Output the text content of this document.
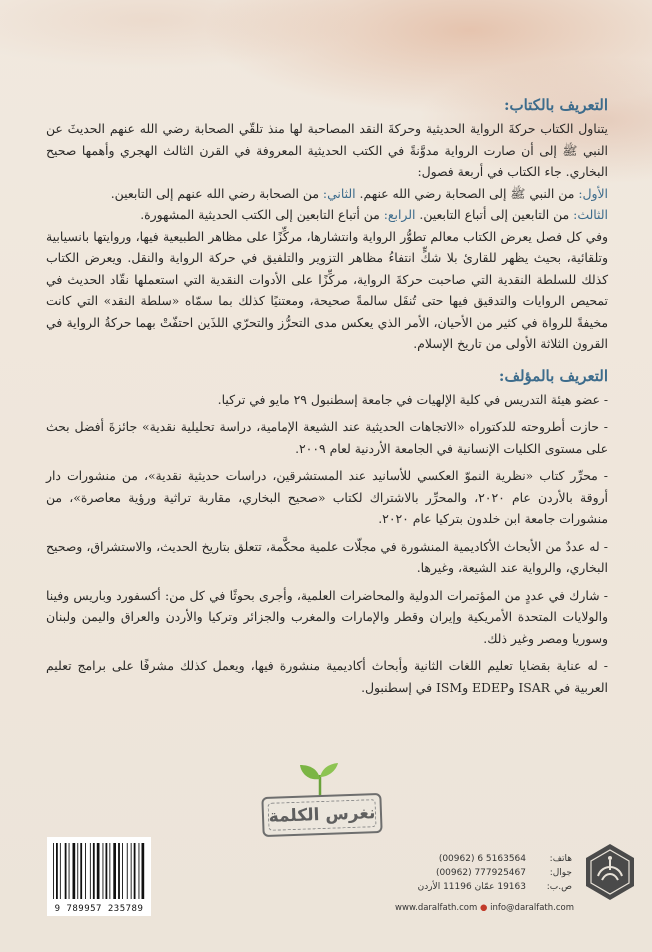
التعريف بالكتاب:

يتناول الكتاب حركةَ الرواية الحديثية وحركةَ النقد المصاحبة لها منذ تلقّي الصحابة رضي الله عنهم الحديثَ عن النبي ﷺ إلى أن صارت الرواية مدوَّنةً في الكتب الحديثية المعروفة في القرن الثالث الهجري وأهمها صحيح البخاري. جاء الكتاب في أربعة فصول:

الأول: من النبي ﷺ إلى الصحابة رضي الله عنهم. الثاني: من الصحابة رضي الله عنهم إلى التابعين.

الثالث: من التابعين إلى أتباع التابعين. الرابع: من أتباع التابعين إلى الكتب الحديثية المشهورة.

وفي كل فصل يعرض الكتاب معالم تطوُّر الرواية وانتشارها، مركِّزًا على مظاهر الطبيعية فيها، وروايتها بانسيابية وتلقائية، بحيث يظهر للقارئ بلا شكٍّ انتفاءُ مظاهر التزوير والتلفيق في حركة الرواية والنقل. ويعرض الكتاب كذلك للسلطة النقدية التي صاحبت حركةَ الرواية، مركِّزًا على الأدوات النقدية التي استعملها نقّاد الحديث في تمحيص الروايات والتدقيق فيها حتى تُنقَل سالمةً صحيحة، ومعتنيًا كذلك بما سمّاه «سلطة النقد» التي كانت مخيفةً للرواة في كثير من الأحيان، الأمر الذي يعكس مدى التحرُّز والتحرّي اللذَين احتفّتْ بهما حركةُ الرواية في القرون الثلاثة الأولى من تاريخ الإسلام.

التعريف بالمؤلف:

- عضو هيئة التدريس في كلية الإلهيات في جامعة إسطنبول ٢٩ مايو في تركيا.

- حازت أطروحته للدكتوراه «الاتجاهات الحديثية عند الشيعة الإمامية، دراسة تحليلية نقدية» جائزةَ أفضل بحث على مستوى الكليات الإنسانية في الجامعة الأردنية لعام ٢٠٠٩.

- محرِّر كتاب «نظرية النموّ العكسي للأسانيد عند المستشرقين، دراسات حديثية نقدية»، من منشورات دار أروقة بالأردن عام ٢٠٢٠، والمحرِّر بالاشتراك لكتاب «صحيح البخاري، مقاربة تراثية ورؤية معاصرة»، من منشورات جامعة ابن خلدون بتركيا عام ٢٠٢٠.

- له عددٌ من الأبحاث الأكاديمية المنشورة في مجلّات علمية محكَّمة، تتعلق بتاريخ الحديث، والاستشراق، وصحيح البخاري، والرواية عند الشيعة، وغيرها.

- شارك في عددٍ من المؤتمرات الدولية والمحاضرات العلمية، وأجرى بحوثًا في كل من: أكسفورد وباريس وفينا والولايات المتحدة الأمريكية وإيران وقطر والإمارات والمغرب والجزائر وتركيا والأردن والعراق واليمن ولبنان وسوريا ومصر وغير ذلك.

- له عناية بقضايا تعليم اللغات الثانية وأبحاث أكاديمية منشورة فيها، ويعمل كذلك مشرفًا على برامج تعليم العربية في ISAR وEDEP وISM في إسطنبول.

نغرس الكلمة
(00962) 6 5163564	هاتف:
(00962) 777925467	جوال:
19163 عمّان 11196 الأردن	ص.ب:
www.daralfath.com ● info@daralfath.com
9 789957 235789
